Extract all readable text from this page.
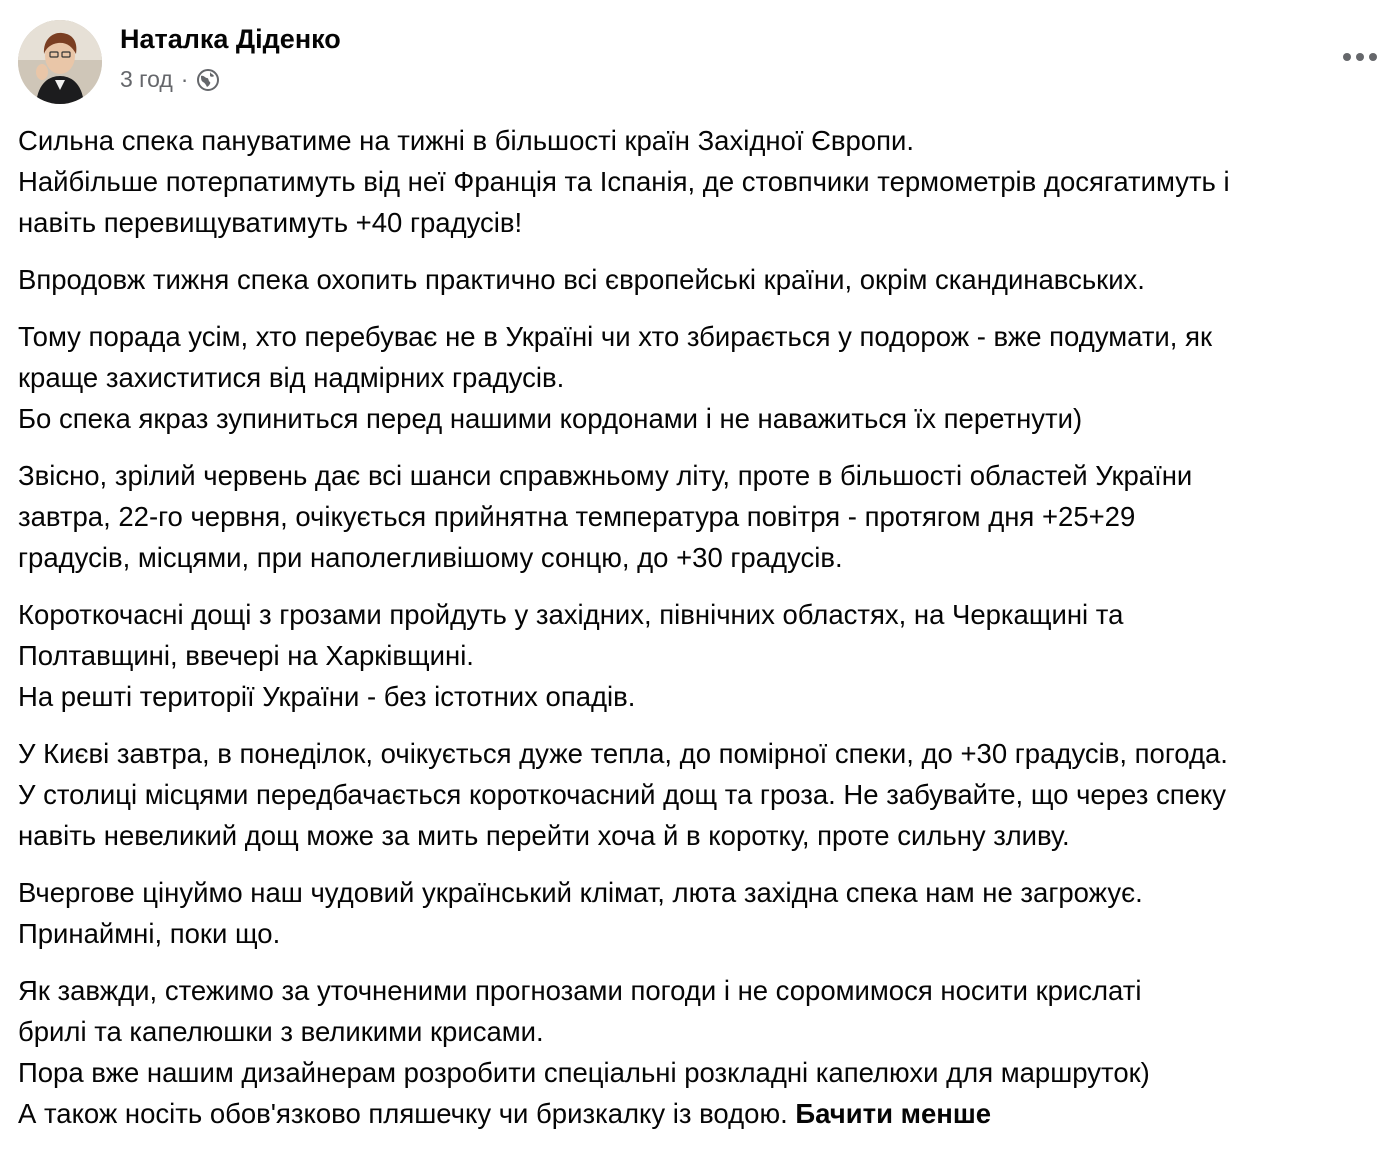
Наталка Діденко
3 год ·
Сильна спека пануватиме на тижні в більшості країн Західної Європи.
Найбільше потерпатимуть від неї Франція та Іспанія, де стовпчики термометрів досягатимуть і
навіть перевищуватимуть +40 градусів!
Впродовж тижня спека охопить практично всі європейські країни, окрім скандинавських.
Тому порада усім, хто перебуває не в Україні чи хто збирається у подорож - вже подумати, як
краще захиститися від надмірних градусів.
Бо спека якраз зупиниться перед нашими кордонами і не наважиться їх перетнути)
Звісно, зрілий червень дає всі шанси справжньому літу, проте в більшості областей України
завтра, 22-го червня, очікується прийнятна температура повітря - протягом дня +25+29
градусів, місцями, при наполегливішому сонцю, до +30 градусів.
Короткочасні дощі з грозами пройдуть у західних, північних областях, на Черкащині та
Полтавщині, ввечері на Харківщині.
На решті території України - без істотних опадів.
У Києві завтра, в понеділок, очікується дуже тепла, до помірної спеки, до +30 градусів, погода.
У столиці місцями передбачається короткочасний дощ та гроза. Не забувайте, що через спеку
навіть невеликий дощ може за мить перейти хоча й в коротку, проте сильну зливу.
Вчергове цінуймо наш чудовий український клімат, люта західна спека нам не загрожує.
Принаймні, поки що.
Як завжди, стежимо за уточненими прогнозами погоди і не соромимося носити крислаті
брилі та капелюшки з великими крисами.
Пора вже нашим дизайнерам розробити спеціальні розкладні капелюхи для маршруток)
А також носіть обов'язково пляшечку чи бризкалку із водою. Бачити менше
